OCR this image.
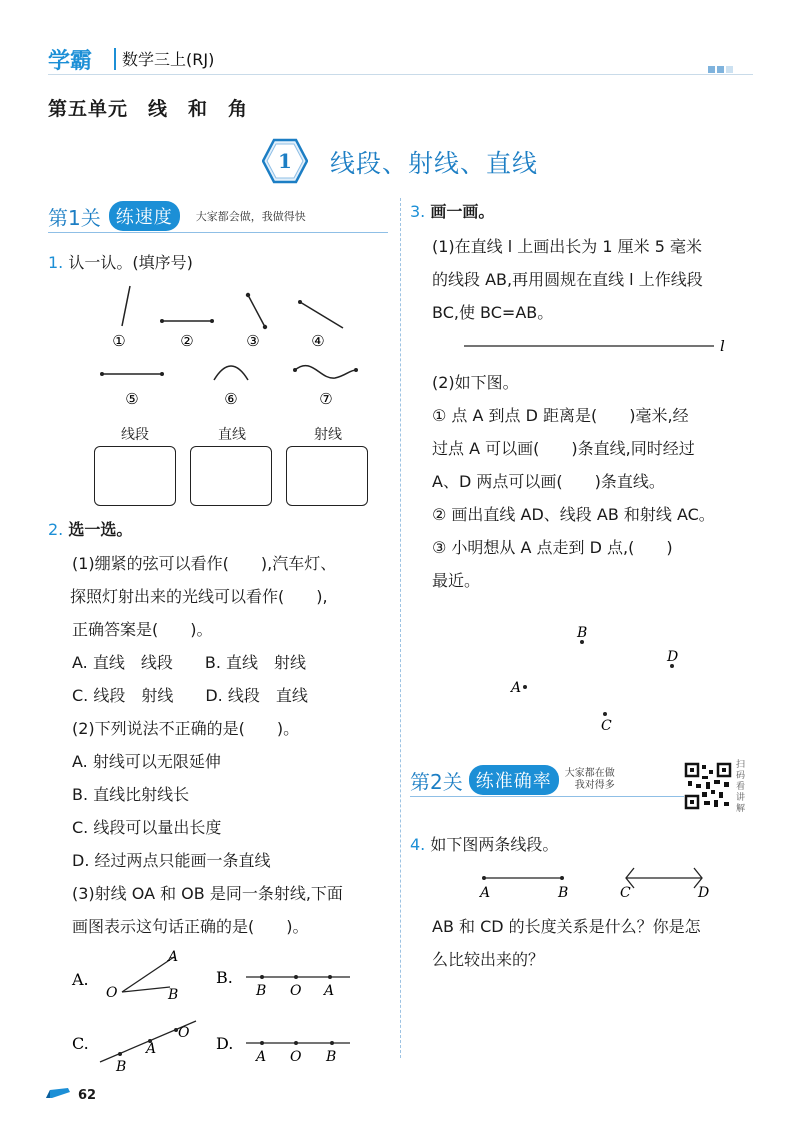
学霸 数学三上(RJ)
第五单元　线　和　角
1 线段、射线、直线
第1关 练速度	大家都会做，我做得快
1. 认一认。(填序号)
①	②	③	④
⑤	⑥	⑦
线段	直线	射线
2. 选一选。
(1)绷紧的弦可以看作(　　),汽车灯、
探照灯射出来的光线可以看作(　　),
正确答案是(　　)。
A. 直线　线段　　B. 直线　射线
C. 线段　射线　　D. 线段　直线
(2)下列说法不正确的是(　　)。
A. 射线可以无限延伸
B. 直线比射线长
C. 线段可以量出长度
D. 经过两点只能画一条直线
(3)射线 OA 和 OB 是同一条射线,下面
画图表示这句话正确的是(　　)。
A.
A
O	B
B.
B O A
C.
B
A
O
D.
A O B
3. 画一画。
(1)在直线 l 上画出长为 1 厘米 5 毫米
的线段 AB,再用圆规在直线 l 上作线段
BC,使 BC=AB。
l
(2)如下图。
① 点 A 到点 D 距离是(　　)毫米,经
过点 A 可以画(　　)条直线,同时经过
A、D 两点可以画(　　)条直线。
② 画出直线 AD、线段 AB 和射线 AC。
③ 小明想从 A 点走到 D 点,(　　)
最近。
B
D
A
C
第2关 练准确率	大家都在做
我对得多
扫码看讲解
4. 如下图两条线段。
A	B	C	D
AB 和 CD 的长度关系是什么？你是怎
么比较出来的？
62
